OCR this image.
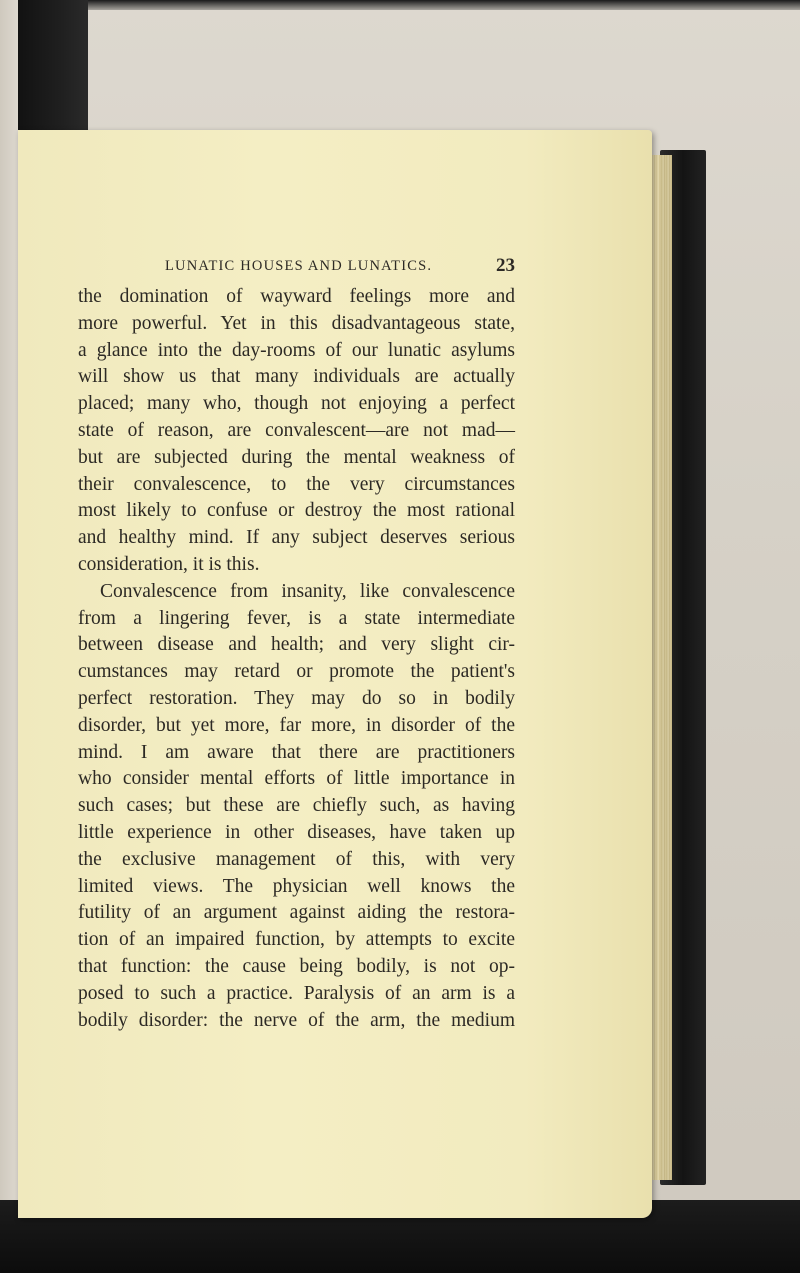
LUNATIC HOUSES AND LUNATICS.	23
the domination of wayward feelings more and
more powerful. Yet in this disadvantageous state,
a glance into the day-rooms of our lunatic asylums
will show us that many individuals are actually
placed; many who, though not enjoying a perfect
state of reason, are convalescent—are not mad—
but are subjected during the mental weakness of
their convalescence, to the very circumstances
most likely to confuse or destroy the most rational
and healthy mind. If any subject deserves serious
consideration, it is this.
Convalescence from insanity, like convalescence
from a lingering fever, is a state intermediate
between disease and health; and very slight cir-
cumstances may retard or promote the patient's
perfect restoration. They may do so in bodily
disorder, but yet more, far more, in disorder of the
mind. I am aware that there are practitioners
who consider mental efforts of little importance in
such cases; but these are chiefly such, as having
little experience in other diseases, have taken up
the exclusive management of this, with very
limited views. The physician well knows the
futility of an argument against aiding the restora-
tion of an impaired function, by attempts to excite
that function: the cause being bodily, is not op-
posed to such a practice. Paralysis of an arm is a
bodily disorder: the nerve of the arm, the medium
